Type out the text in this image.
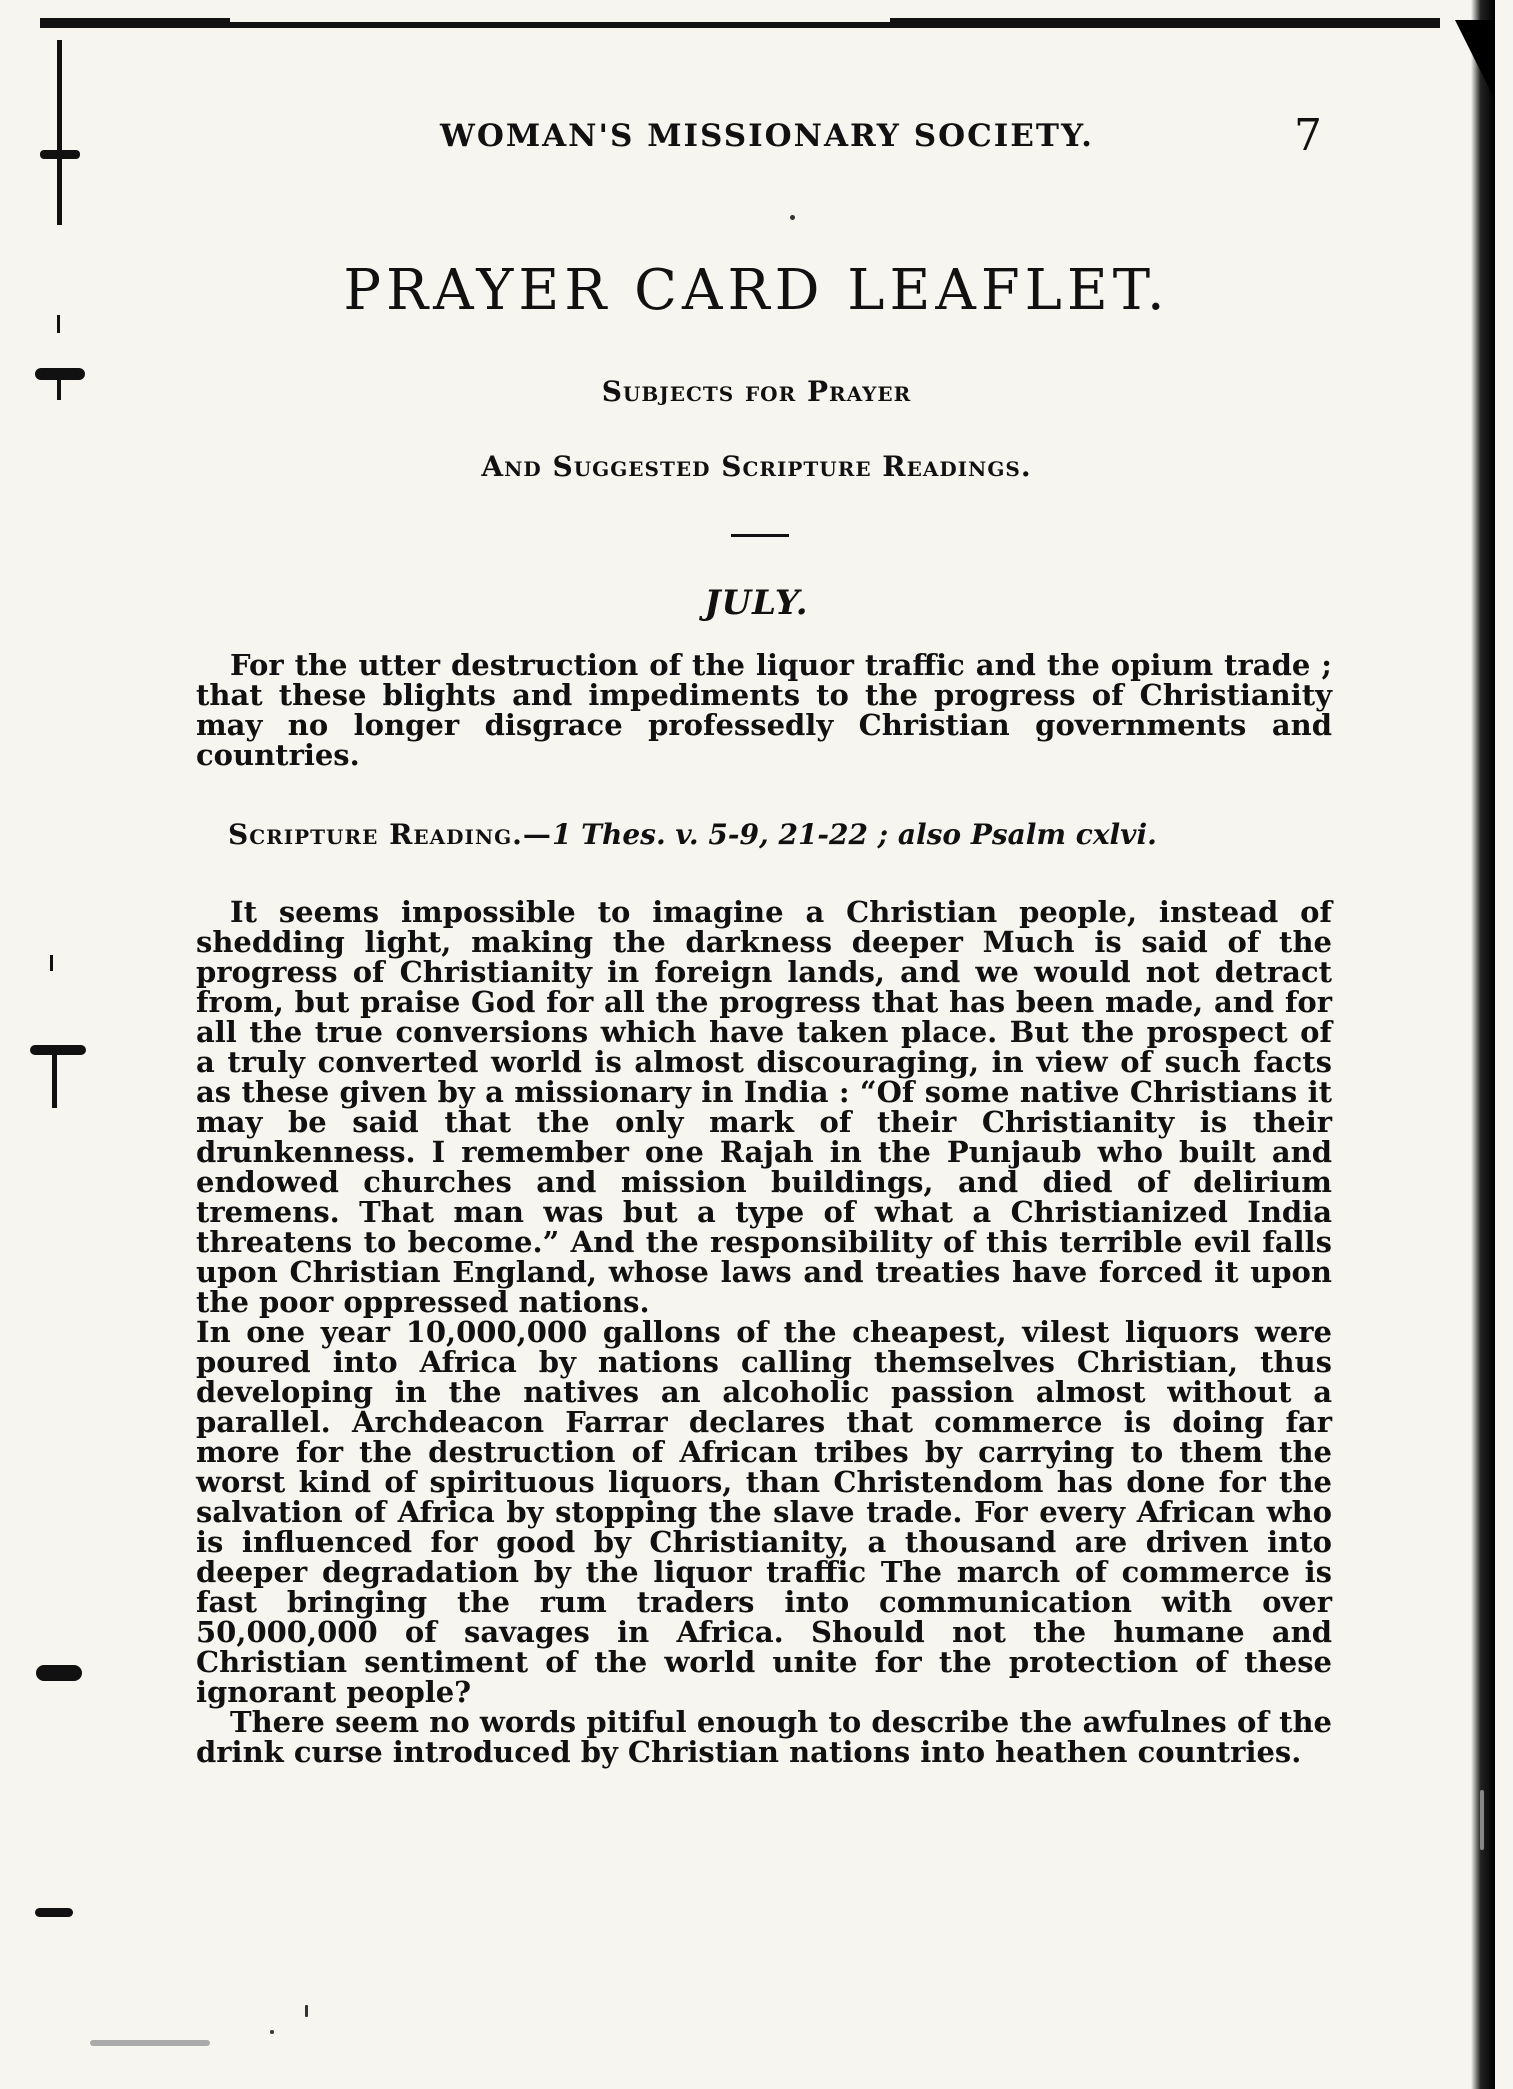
WOMAN'S MISSIONARY SOCIETY.	7
PRAYER CARD LEAFLET.
Subjects for Prayer
And Suggested Scripture Readings.
JULY.

For the utter destruction of the liquor traffic and the opium trade ; that these blights and impediments to the progress of Christianity may no longer disgrace professedly Christian governments and countries.

Scripture Reading.—1 Thes. v. 5-9, 21-22 ; also Psalm cxlvi.

It seems impossible to imagine a Christian people, instead of shedding light, making the darkness deeper Much is said of the progress of Christianity in foreign lands, and we would not detract from, but praise God for all the progress that has been made, and for all the true conversions which have taken place. But the prospect of a truly converted world is almost discouraging, in view of such facts as these given by a missionary in India : “Of some native Christians it may be said that the only mark of their Christianity is their drunkenness. I remember one Rajah in the Punjaub who built and endowed churches and mission buildings, and died of delirium tremens. That man was but a type of what a Christianized India threatens to become.” And the responsibility of this terrible evil falls upon Christian England, whose laws and treaties have forced it upon the poor oppressed nations.

In one year 10,000,000 gallons of the cheapest, vilest liquors were poured into Africa by nations calling themselves Christian, thus developing in the natives an alcoholic passion almost without a parallel. Archdeacon Farrar declares that commerce is doing far more for the destruction of African tribes by carrying to them the worst kind of spirituous liquors, than Christendom has done for the salvation of Africa by stopping the slave trade. For every African who is influenced for good by Christianity, a thousand are driven into deeper degradation by the liquor traffic The march of commerce is fast bringing the rum traders into communication with over 50,000,000 of savages in Africa. Should not the humane and Christian sentiment of the world unite for the protection of these ignorant people?

There seem no words pitiful enough to describe the awfulnes of the drink curse introduced by Christian nations into heathen countries.
